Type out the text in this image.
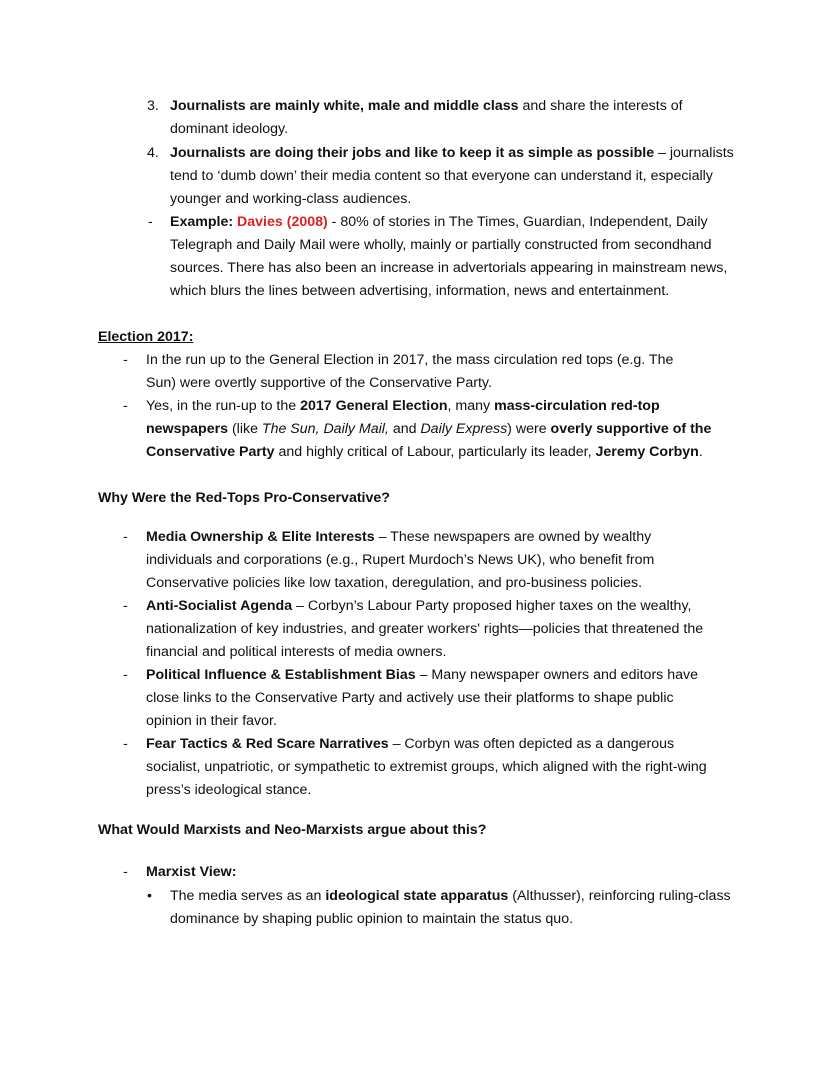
3. Journalists are mainly white, male and middle class and share the interests of dominant ideology.
4. Journalists are doing their jobs and like to keep it as simple as possible – journalists tend to ‘dumb down’ their media content so that everyone can understand it, especially younger and working-class audiences.
- Example: Davies (2008) - 80% of stories in The Times, Guardian, Independent, Daily Telegraph and Daily Mail were wholly, mainly or partially constructed from secondhand sources. There has also been an increase in advertorials appearing in mainstream news, which blurs the lines between advertising, information, news and entertainment.
Election 2017:
- In the run up to the General Election in 2017, the mass circulation red tops (e.g. The Sun) were overtly supportive of the Conservative Party.
- Yes, in the run-up to the 2017 General Election, many mass-circulation red-top newspapers (like The Sun, Daily Mail, and Daily Express) were overly supportive of the Conservative Party and highly critical of Labour, particularly its leader, Jeremy Corbyn.
Why Were the Red-Tops Pro-Conservative?
- Media Ownership & Elite Interests – These newspapers are owned by wealthy individuals and corporations (e.g., Rupert Murdoch’s News UK), who benefit from Conservative policies like low taxation, deregulation, and pro-business policies.
- Anti-Socialist Agenda – Corbyn’s Labour Party proposed higher taxes on the wealthy, nationalization of key industries, and greater workers' rights—policies that threatened the financial and political interests of media owners.
- Political Influence & Establishment Bias – Many newspaper owners and editors have close links to the Conservative Party and actively use their platforms to shape public opinion in their favor.
- Fear Tactics & Red Scare Narratives – Corbyn was often depicted as a dangerous socialist, unpatriotic, or sympathetic to extremist groups, which aligned with the right-wing press’s ideological stance.
What Would Marxists and Neo-Marxists argue about this?
- Marxist View:
• The media serves as an ideological state apparatus (Althusser), reinforcing ruling-class dominance by shaping public opinion to maintain the status quo.
